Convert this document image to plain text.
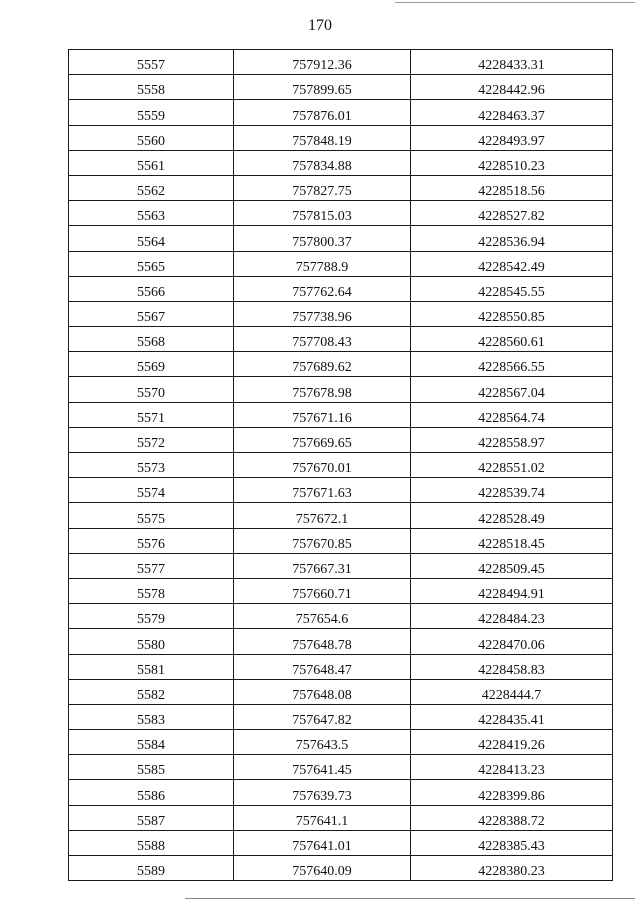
170
5557	757912.36	4228433.31
5558	757899.65	4228442.96
5559	757876.01	4228463.37
5560	757848.19	4228493.97
5561	757834.88	4228510.23
5562	757827.75	4228518.56
5563	757815.03	4228527.82
5564	757800.37	4228536.94
5565	757788.9	4228542.49
5566	757762.64	4228545.55
5567	757738.96	4228550.85
5568	757708.43	4228560.61
5569	757689.62	4228566.55
5570	757678.98	4228567.04
5571	757671.16	4228564.74
5572	757669.65	4228558.97
5573	757670.01	4228551.02
5574	757671.63	4228539.74
5575	757672.1	4228528.49
5576	757670.85	4228518.45
5577	757667.31	4228509.45
5578	757660.71	4228494.91
5579	757654.6	4228484.23
5580	757648.78	4228470.06
5581	757648.47	4228458.83
5582	757648.08	4228444.7
5583	757647.82	4228435.41
5584	757643.5	4228419.26
5585	757641.45	4228413.23
5586	757639.73	4228399.86
5587	757641.1	4228388.72
5588	757641.01	4228385.43
5589	757640.09	4228380.23
